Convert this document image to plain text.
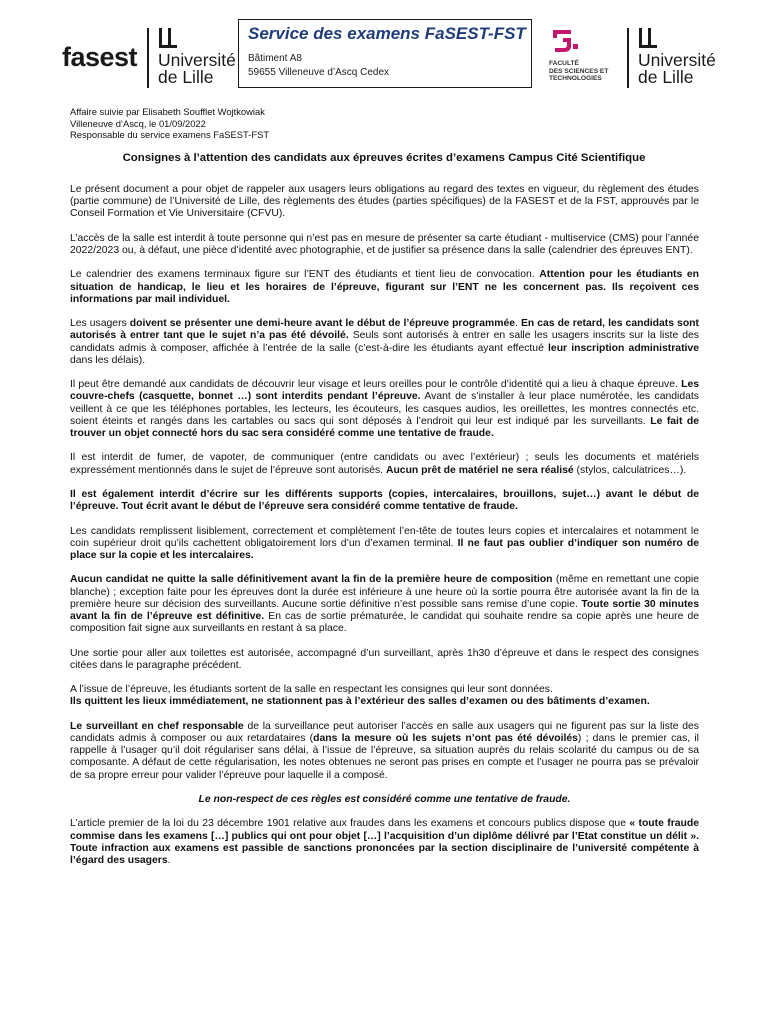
fasest Université
de Lille
Service des examens FaSEST-FST
Bâtiment A8
59655 Villeneuve d’Ascq Cedex
FACULTÉ
DES SCIENCES ET
TECHNOLOGIES
Université
de Lille
Affaire suivie par Elisabeth Soufflet Wojtkowiak
Villeneuve d’Ascq, le 01/09/2022
Responsable du service examens FaSEST-FST
Consignes à l’attention des candidats aux épreuves écrites d’examens Campus Cité Scientifique

Le présent document a pour objet de rappeler aux usagers leurs obligations au regard des textes en vigueur, du règlement des études (partie commune) de l’Université de Lille, des règlements des études (parties spécifiques) de la FASEST et de la FST, approuvés par le Conseil Formation et Vie Universitaire (CFVU).

L’accès de la salle est interdit à toute personne qui n’est pas en mesure de présenter sa carte étudiant - multiservice (CMS) pour l’année 2022/2023 ou, à défaut, une pièce d’identité avec photographie, et de justifier sa présence dans la salle (calendrier des épreuves ENT).

Le calendrier des examens terminaux figure sur l’ENT des étudiants et tient lieu de convocation. Attention pour les étudiants en situation de handicap, le lieu et les horaires de l’épreuve, figurant sur l’ENT ne les concernent pas. Ils reçoivent ces informations par mail individuel.

Les usagers doivent se présenter une demi-heure avant le début de l’épreuve programmée. En cas de retard, les candidats sont autorisés à entrer tant que le sujet n’a pas été dévoilé. Seuls sont autorisés à entrer en salle les usagers inscrits sur la liste des candidats admis à composer, affichée à l’entrée de la salle (c’est-à-dire les étudiants ayant effectué leur inscription administrative dans les délais).

Il peut être demandé aux candidats de découvrir leur visage et leurs oreilles pour le contrôle d’identité qui a lieu à chaque épreuve. Les couvre-chefs (casquette, bonnet …) sont interdits pendant l’épreuve. Avant de s’installer à leur place numérotée, les candidats veillent à ce que les téléphones portables, les lecteurs, les écouteurs, les casques audios, les oreillettes, les montres connectés etc. soient éteints et rangés dans les cartables ou sacs qui sont déposés à l’endroit qui leur est indiqué par les surveillants. Le fait de trouver un objet connecté hors du sac sera considéré comme une tentative de fraude.

Il est interdit de fumer, de vapoter, de communiquer (entre candidats ou avec l’extérieur) ; seuls les documents et matériels expressément mentionnés dans le sujet de l’épreuve sont autorisés. Aucun prêt de matériel ne sera réalisé (stylos, calculatrices…).

Il est également interdit d’écrire sur les différents supports (copies, intercalaires, brouillons, sujet…) avant le début de l’épreuve. Tout écrit avant le début de l’épreuve sera considéré comme tentative de fraude.

Les candidats remplissent lisiblement, correctement et complètement l’en-tête de toutes leurs copies et intercalaires et notamment le coin supérieur droit qu’ils cachettent obligatoirement lors d’un d’examen terminal. Il ne faut pas oublier d’indiquer son numéro de place sur la copie et les intercalaires.

Aucun candidat ne quitte la salle définitivement avant la fin de la première heure de composition (même en remettant une copie blanche) ; exception faite pour les épreuves dont la durée est inférieure à une heure où la sortie pourra être autorisée avant la fin de la première heure sur décision des surveillants. Aucune sortie définitive n’est possible sans remise d’une copie. Toute sortie 30 minutes avant la fin de l’épreuve est définitive. En cas de sortie prématurée, le candidat qui souhaite rendre sa copie après une heure de composition fait signe aux surveillants en restant à sa place.

Une sortie pour aller aux toilettes est autorisée, accompagné d’un surveillant, après 1h30 d’épreuve et dans le respect des consignes citées dans le paragraphe précédent.

A l’issue de l’épreuve, les étudiants sortent de la salle en respectant les consignes qui leur sont données.
Ils quittent les lieux immédiatement, ne stationnent pas à l’extérieur des salles d’examen ou des bâtiments d’examen.

Le surveillant en chef responsable de la surveillance peut autoriser l’accès en salle aux usagers qui ne figurent pas sur la liste des candidats admis à composer ou aux retardataires (dans la mesure où les sujets n’ont pas été dévoilés) ; dans le premier cas, il rappelle à l’usager qu’il doit régulariser sans délai, à l’issue de l’épreuve, sa situation auprès du relais scolarité du campus ou de sa composante. A défaut de cette régularisation, les notes obtenues ne seront pas prises en compte et l’usager ne pourra pas se prévaloir de sa propre erreur pour valider l’épreuve pour laquelle il a composé.

Le non-respect de ces règles est considéré comme une tentative de fraude.

L’article premier de la loi du 23 décembre 1901 relative aux fraudes dans les examens et concours publics dispose que « toute fraude commise dans les examens […] publics qui ont pour objet […] l’acquisition d’un diplôme délivré par l’Etat constitue un délit ». Toute infraction aux examens est passible de sanctions prononcées par la section disciplinaire de l’université compétente à l’égard des usagers.
